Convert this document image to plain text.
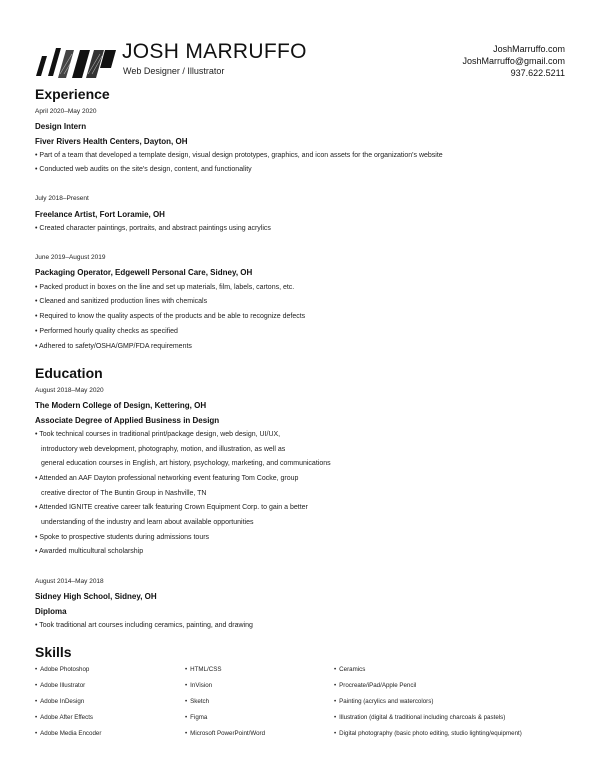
JOSH MARRUFFO
Web Designer / Illustrator
JoshMarruffo.com
JoshMarruffo@gmail.com
937.622.5211
Experience
April 2020–May 2020
Design Intern
Fiver Rivers Health Centers, Dayton, OH
• Part of a team that developed a template design, visual design prototypes, graphics, and icon assets for the organization's website
• Conducted web audits on the site's design, content, and functionality
July 2018–Present
Freelance Artist, Fort Loramie, OH
• Created character paintings, portraits, and abstract paintings using acrylics
June 2019–August 2019
Packaging Operator, Edgewell Personal Care, Sidney, OH
• Packed product in boxes on the line and set up materials, film, labels, cartons, etc.
• Cleaned and sanitized production lines with chemicals
• Required to know the quality aspects of the products and be able to recognize defects
• Performed hourly quality checks as specified
• Adhered to safety/OSHA/GMP/FDA requirements
Education
August 2018–May 2020
The Modern College of Design, Kettering, OH
Associate Degree of Applied Business in Design
• Took technical courses in traditional print/package design, web design, UI/UX,
introductory web development, photography, motion, and illustration, as well as
general education courses in English, art history, psychology, marketing, and communications
• Attended an AAF Dayton professional networking event featuring Tom Cocke, group
creative director of The Buntin Group in Nashville, TN
• Attended IGNITE creative career talk featuring Crown Equipment Corp. to gain a better
understanding of the industry and learn about available opportunities
• Spoke to prospective students during admissions tours
• Awarded multicultural scholarship
August 2014–May 2018
Sidney High School, Sidney, OH
Diploma
• Took traditional art courses including ceramics, painting, and drawing
Skills
• Adobe Photoshop
• Adobe Illustrator
• Adobe InDesign
• Adobe After Effects
• Adobe Media Encoder
• HTML/CSS
• InVision
• Sketch
• Figma
• Microsoft PowerPoint/Word
• Ceramics
• Procreate/iPad/Apple Pencil
• Painting (acrylics and watercolors)
• Illustration (digital & traditional including charcoals & pastels)
• Digital photography (basic photo editing, studio lighting/equipment)
